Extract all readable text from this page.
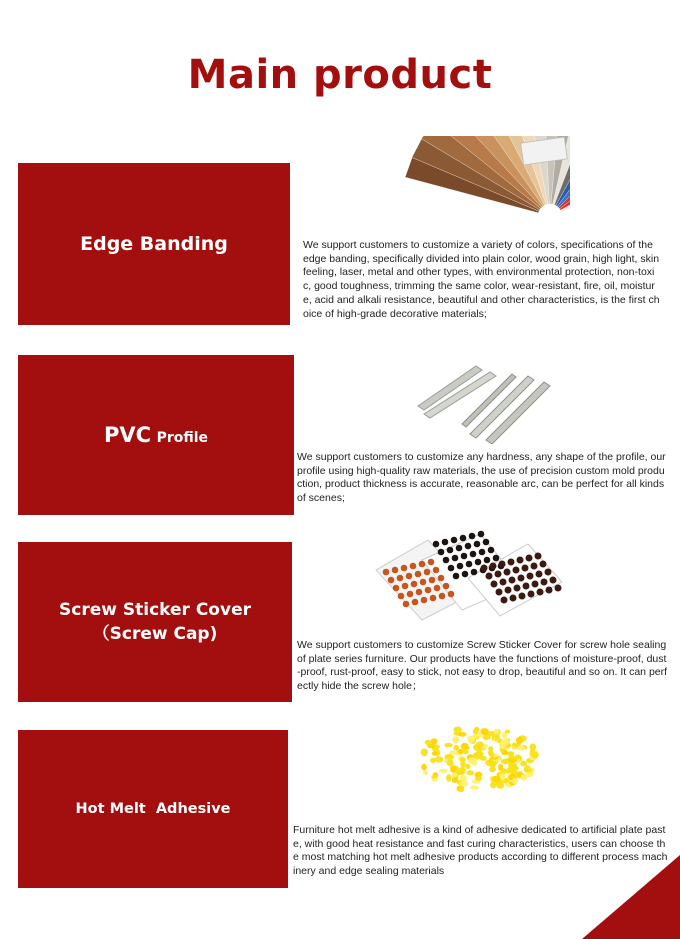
Main product
Edge Banding	We support customers to customize a variety of colors, specifications of the edge banding, specifically divided into plain color, wood grain, high light, skin feeling, laser, metal and other types, with environmental protection, non-toxic, good toughness, trimming the same color, wear-resistant, fire, oil, moisture, acid and alkali resistance, beautiful and other characteristics, is the first choice of high-grade decorative materials;

PVC Profile

We support customers to customize any hardness, any shape of the profile, our profile using high-quality raw materials, the use of precision custom mold production, product thickness is accurate, reasonable arc, can be perfect for all kinds of scenes;

Screw Sticker Cover
（Screw Cap)

We support customers to customize Screw Sticker Cover for screw hole sealing of plate series furniture. Our products have the functions of moisture-proof, dust-proof, rust-proof, easy to stick, not easy to drop, beautiful and so on. It can perfectly hide the screw hole；

Hot Melt  Adhesive

Furniture hot melt adhesive is a kind of adhesive dedicated to artificial plate paste, with good heat resistance and fast curing characteristics, users can choose the most matching hot melt adhesive products according to different process machinery and edge sealing materials
